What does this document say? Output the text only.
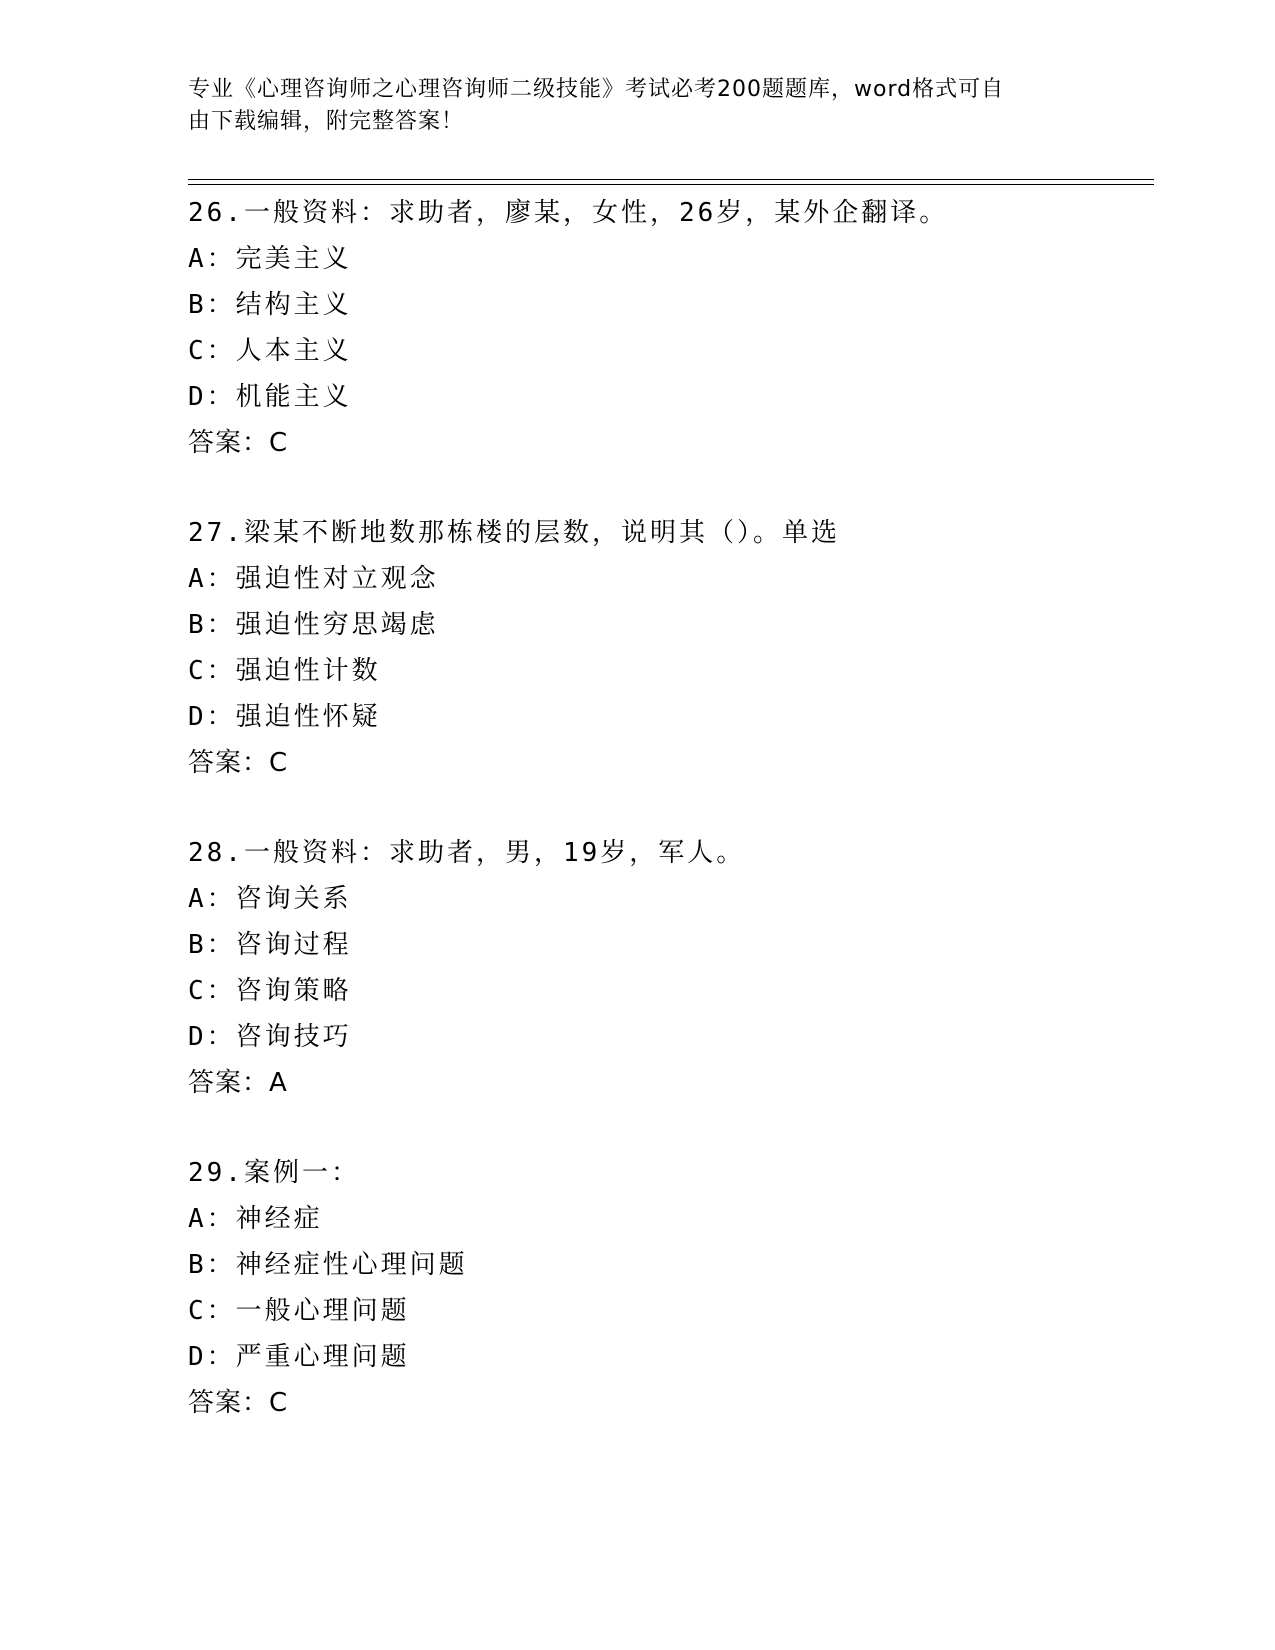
专业《心理咨询师之心理咨询师二级技能》考试必考200题题库，word格式可自
由下载编辑，附完整答案！
26.一般资料：求助者，廖某，女性，26岁，某外企翻译。
A：完美主义
B：结构主义
C：人本主义
D：机能主义
答案：C
27.梁某不断地数那栋楼的层数，说明其（）。单选
A：强迫性对立观念
B：强迫性穷思竭虑
C：强迫性计数
D：强迫性怀疑
答案：C
28.一般资料：求助者，男，19岁，军人。
A：咨询关系
B：咨询过程
C：咨询策略
D：咨询技巧
答案：A
29.案例一：
A：神经症
B：神经症性心理问题
C：一般心理问题
D：严重心理问题
答案：C
